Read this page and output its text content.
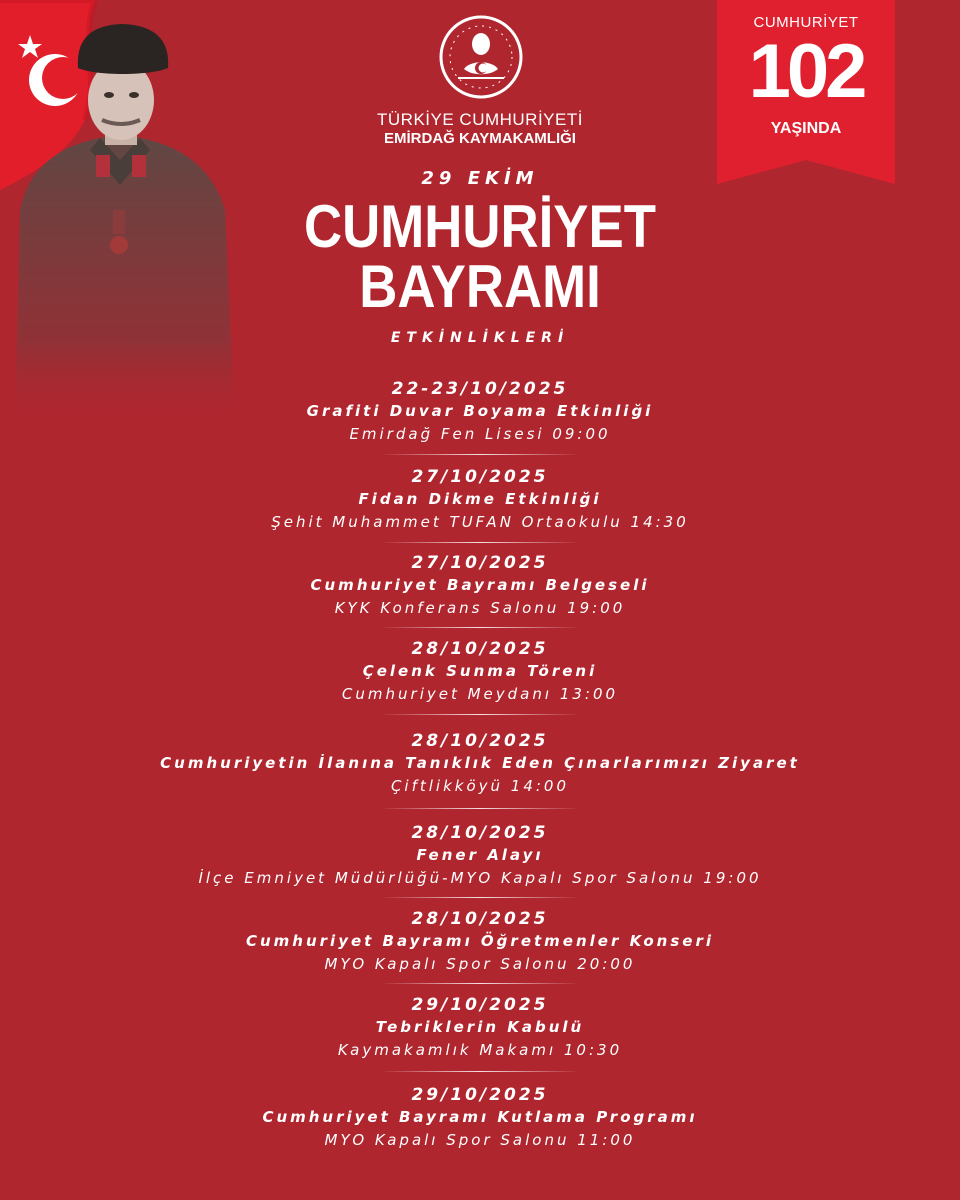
TÜRKİYE CUMHURİYETİ
EMİRDAĞ KAYMAKAMLIĞI
CUMHURİYET
102
YAŞINDA
29 EKİM
CUMHURİYET
BAYRAMI
ETKİNLİKLERİ
22-23/10/2025
Grafiti Duvar Boyama Etkinliği
Emirdağ Fen Lisesi 09:00
27/10/2025
Fidan Dikme Etkinliği
Şehit Muhammet TUFAN Ortaokulu 14:30
27/10/2025
Cumhuriyet Bayramı Belgeseli
KYK Konferans Salonu 19:00
28/10/2025
Çelenk Sunma Töreni
Cumhuriyet Meydanı 13:00
28/10/2025
Cumhuriyetin İlanına Tanıklık Eden Çınarlarımızı Ziyaret
Çiftlikköyü 14:00
28/10/2025
Fener Alayı
İlçe Emniyet Müdürlüğü-MYO Kapalı Spor Salonu 19:00
28/10/2025
Cumhuriyet Bayramı Öğretmenler Konseri
MYO Kapalı Spor Salonu 20:00
29/10/2025
Tebriklerin Kabulü
Kaymakamlık Makamı 10:30
29/10/2025
Cumhuriyet Bayramı Kutlama Programı
MYO Kapalı Spor Salonu 11:00
